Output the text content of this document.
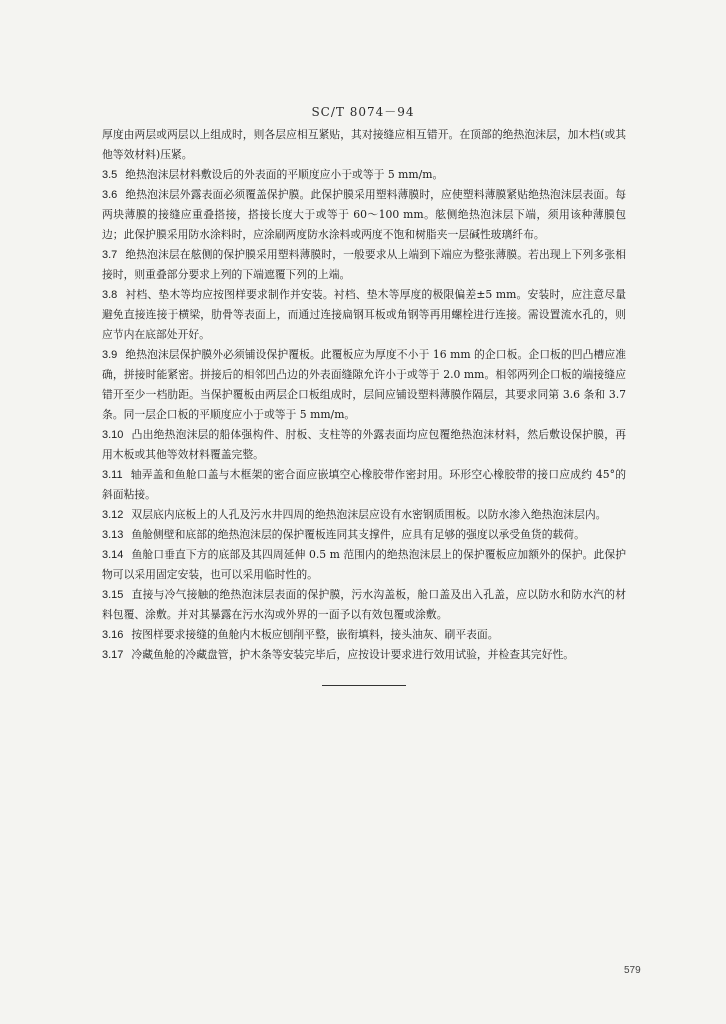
SC/T 8074－94

厚度由两层或两层以上组成时，则各层应相互紧贴，其对接缝应相互错开。在顶部的绝热泡沫层，加木档(或其他等效材料)压紧。

3.5 绝热泡沫层材料敷设后的外表面的平顺度应小于或等于 5 mm/m。

3.6 绝热泡沫层外露表面必须覆盖保护膜。此保护膜采用塑料薄膜时，应使塑料薄膜紧贴绝热泡沫层表面。每两块薄膜的接缝应重叠搭接，搭接长度大于或等于 60～100 mm。舷侧绝热泡沫层下端，须用该种薄膜包边；此保护膜采用防水涂料时，应涂刷两度防水涂料或两度不饱和树脂夹一层碱性玻璃纤布。

3.7 绝热泡沫层在舷侧的保护膜采用塑料薄膜时，一般要求从上端到下端应为整张薄膜。若出现上下列多张相接时，则重叠部分要求上列的下端遮覆下列的上端。

3.8 衬档、垫木等均应按图样要求制作并安装。衬档、垫木等厚度的极限偏差±5 mm。安装时，应注意尽量避免直接连接于横梁，肋骨等表面上，而通过连接扁钢耳板或角钢等再用螺栓进行连接。需设置流水孔的，则应节内在底部处开好。

3.9 绝热泡沫层保护膜外必须铺设保护覆板。此覆板应为厚度不小于 16 mm 的企口板。企口板的凹凸槽应准确，拼接时能紧密。拼接后的相邻凹凸边的外表面缝隙允许小于或等于 2.0 mm。相邻两列企口板的端接缝应错开至少一档肋距。当保护覆板由两层企口板组成时，层间应铺设塑料薄膜作隔层，其要求同第 3.6 条和 3.7 条。同一层企口板的平顺度应小于或等于 5 mm/m。

3.10 凸出绝热泡沫层的船体强构件、肘板、支柱等的外露表面均应包覆绝热泡沫材料，然后敷设保护膜，再用木板或其他等效材料覆盖完整。

3.11 轴弄盖和鱼舱口盖与木框架的密合面应嵌填空心橡胶带作密封用。环形空心橡胶带的接口应成约 45°的斜面粘接。

3.12 双层底内底板上的人孔及污水井四周的绝热泡沫层应设有水密钢质围板。以防水渗入绝热泡沫层内。

3.13 鱼舱侧壁和底部的绝热泡沫层的保护覆板连同其支撑件，应具有足够的强度以承受鱼货的载荷。

3.14 鱼舱口垂直下方的底部及其四周延伸 0.5 m 范围内的绝热泡沫层上的保护覆板应加额外的保护。此保护物可以采用固定安装，也可以采用临时性的。

3.15 直接与冷气接触的绝热泡沫层表面的保护膜，污水沟盖板，舱口盖及出入孔盖，应以防水和防水汽的材料包覆、涂敷。并对其暴露在污水沟或外界的一面予以有效包覆或涂敷。

3.16 按图样要求接缝的鱼舱内木板应刨削平整，嵌衔填料，接头油灰、刷平表面。

3.17 冷藏鱼舱的冷藏盘管，护木条等安装完毕后，应按设计要求进行效用试验，并检查其完好性。

579
